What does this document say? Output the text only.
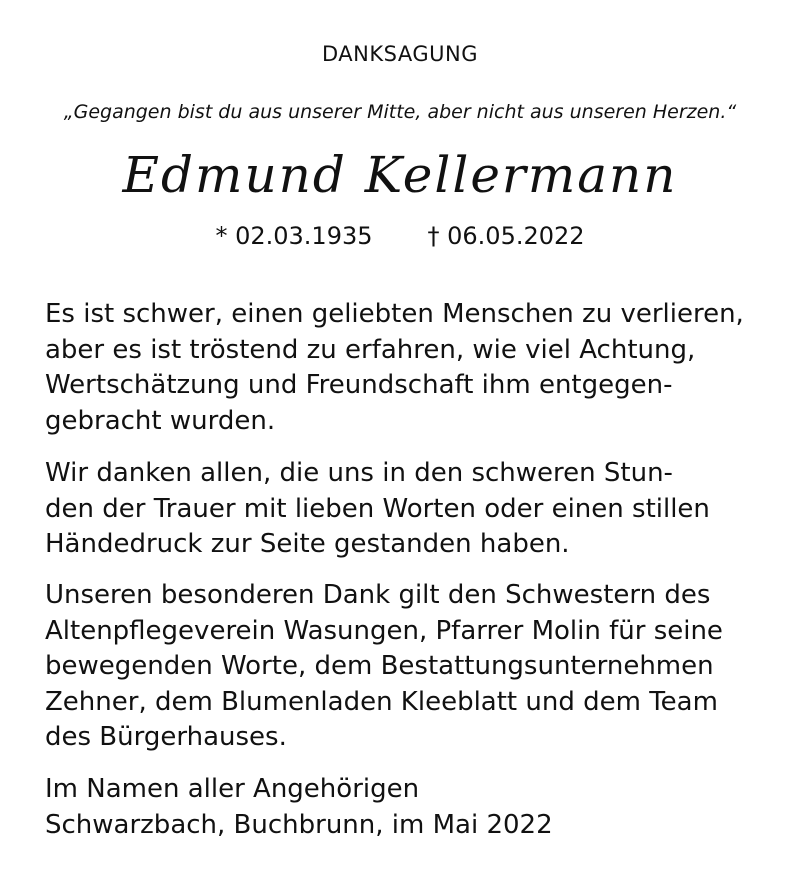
DANKSAGUNG
„Gegangen bist du aus unserer Mitte, aber nicht aus unseren Herzen.“
Edmund Kellermann
* 02.03.1935 † 06.05.2022
Es ist schwer, einen geliebten Menschen zu verlieren,
aber es ist tröstend zu erfahren, wie viel Achtung,
Wertschätzung und Freundschaft ihm entgegen-
gebracht wurden.
Wir danken allen, die uns in den schweren Stun-
den der Trauer mit lieben Worten oder einen stillen
Händedruck zur Seite gestanden haben.
Unseren besonderen Dank gilt den Schwestern des
Altenpflegeverein Wasungen, Pfarrer Molin für seine
bewegenden Worte, dem Bestattungsunternehmen
Zehner, dem Blumenladen Kleeblatt und dem Team
des Bürgerhauses.
Im Namen aller Angehörigen
Schwarzbach, Buchbrunn, im Mai 2022
